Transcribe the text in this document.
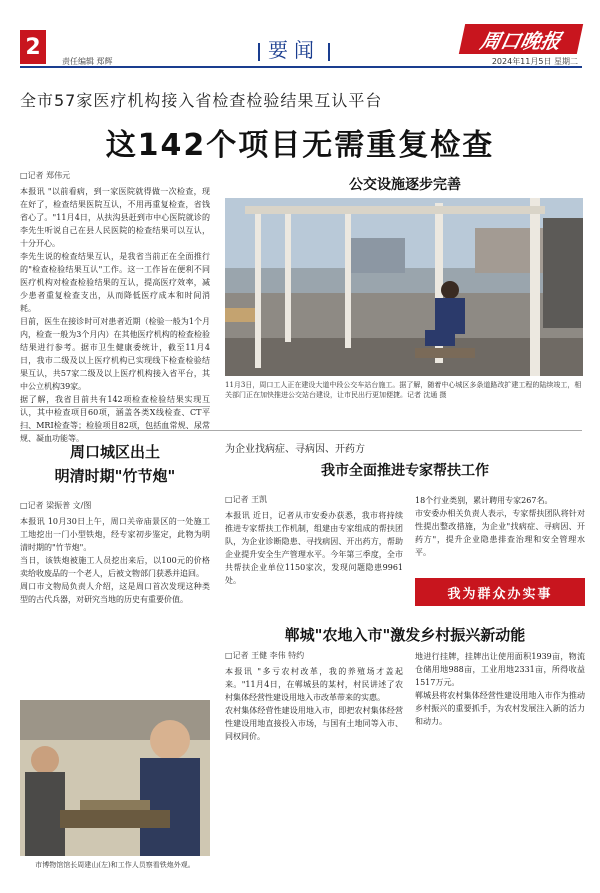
2
责任编辑 郑辉	要闻	周口晚报
2024年11月5日 星期二
全市57家医疗机构接入省检查检验结果互认平台
这142个项目无需重复检查
□记者 郑伟元

本报讯 "以前看病，到一家医院就得做一次检查，现在好了，检查结果医院互认，不用再重复检查，省钱省心了。"11月4日，从扶沟县赶到市中心医院就诊的李先生听说自己在县人民医院的检查结果可以互认，十分开心。

李先生说的检查结果互认，是我省当前正在全面推行的"检查检验结果互认"工作。这一工作旨在便利不同医疗机构对检查检验结果的互认，提高医疗效率，减少患者重复检查支出，从而降低医疗成本和时间消耗。

目前，医生在接诊时可对患者近期（检验一般为1个月内，检查一般为3个月内）在其他医疗机构的检查检验结果进行参考。据市卫生健康委统计，截至11月4日，我市二级及以上医疗机构已实现线下检查检验结果互认，共57家二级及以上医疗机构接入省平台，其中公立机构39家。

据了解，我省目前共有142项检查检验结果实现互认，其中检查项目60项，涵盖各类X线检查、CT平扫、MRI检查等；检验项目82项，包括血常规、尿常规、凝血功能等。

公交设施逐步完善
11月3日，周口工人正在建设大道中段公交车站台施工。据了解，随着中心城区多条道路改扩建工程的陆续竣工，相关部门正在加快推进公交站台建设，让市民出行更加便捷。记者 沈通 摄
周口城区出土
明清时期"竹节炮"
□记者 梁振普 文/图

本报讯 10月30日上午，周口关帝庙景区的一处施工工地挖出一门小型铁炮，经专家初步鉴定，此物为明清时期的"竹节炮"。

当日，该铁炮被施工人员挖出来后，以100元的价格卖给收废品的一个老人，后被文物部门获悉并追回。

周口市文物局负责人介绍，这是周口首次发现这种类型的古代兵器，对研究当地的历史有重要价值。

市博物馆馆长周建山(左)和工作人员察看铁炮外观。
为企业找病症、寻病因、开药方
我市全面推进专家帮扶工作
□记者 王凯

本报讯 近日，记者从市安委办获悉，我市将持续推进专家帮扶工作机制，组建由专家组成的帮扶团队，为企业诊断隐患、寻找病因、开出药方，帮助企业提升安全生产管理水平。今年第三季度，全市共帮扶企业单位1150家次，发现问题隐患9961处。

18个行业类别，累计聘用专家267名。

市安委办相关负责人表示，专家帮扶团队将针对性提出整改措施，为企业"找病症、寻病因、开药方"，提升企业隐患排查治理和安全管理水平。

我为群众办实事
郸城"农地入市"激发乡村振兴新动能
□记者 王健 李伟 特约

本报讯 "多亏农村改革，我的养殖场才盖起来。"11月4日，在郸城县的某村，村民讲述了农村集体经营性建设用地入市改革带来的实惠。

农村集体经营性建设用地入市，即把农村集体经营性建设用地直接投入市场，与国有土地同等入市、同权同价。

地进行挂牌，挂牌出让使用面积1939亩，物流仓储用地988亩，工业用地2331亩，所得收益1517万元。

郸城县将农村集体经营性建设用地入市作为推动乡村振兴的重要抓手，为农村发展注入新的活力和动力。
